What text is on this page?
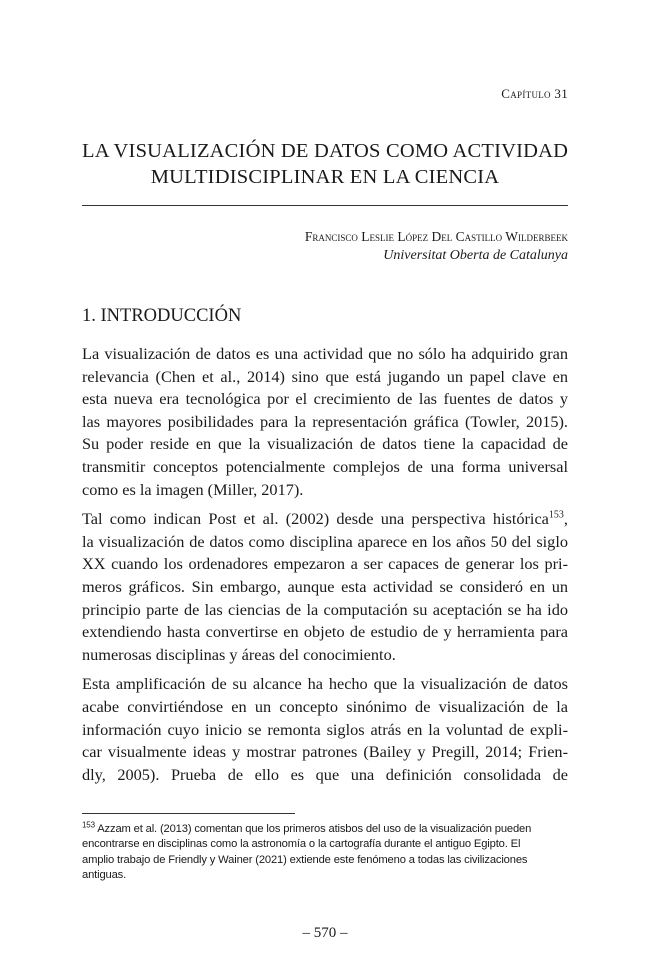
Capítulo 31
LA VISUALIZACIÓN DE DATOS COMO ACTIVIDAD
MULTIDISCIPLINAR EN LA CIENCIA
Francisco Leslie López Del Castillo Wilderbeek
Universitat Oberta de Catalunya
1. INTRODUCCIÓN
La visualización de datos es una actividad que no sólo ha adquirido gran
relevancia (Chen et al., 2014) sino que está jugando un papel clave en
esta nueva era tecnológica por el crecimiento de las fuentes de datos y
las mayores posibilidades para la representación gráfica (Towler, 2015).
Su poder reside en que la visualización de datos tiene la capacidad de
transmitir conceptos potencialmente complejos de una forma universal
como es la imagen (Miller, 2017).
Tal como indican Post et al. (2002) desde una perspectiva histórica$^{153}$,
la visualización de datos como disciplina aparece en los años 50 del siglo
XX cuando los ordenadores empezaron a ser capaces de generar los pri-
meros gráficos. Sin embargo, aunque esta actividad se consideró en un
principio parte de las ciencias de la computación su aceptación se ha ido
extendiendo hasta convertirse en objeto de estudio de y herramienta para
numerosas disciplinas y áreas del conocimiento.
Esta amplificación de su alcance ha hecho que la visualización de datos
acabe convirtiéndose en un concepto sinónimo de visualización de la
información cuyo inicio se remonta siglos atrás en la voluntad de expli-
car visualmente ideas y mostrar patrones (Bailey y Pregill, 2014; Frien-
dly, 2005). Prueba de ello es que una definición consolidada de
$^{153}$ Azzam et al. (2013) comentan que los primeros atisbos del uso de la visualización pueden
encontrarse en disciplinas como la astronomía o la cartografía durante el antiguo Egipto. El
amplio trabajo de Friendly y Wainer (2021) extiende este fenómeno a todas las civilizaciones
antiguas.
– 570 –
